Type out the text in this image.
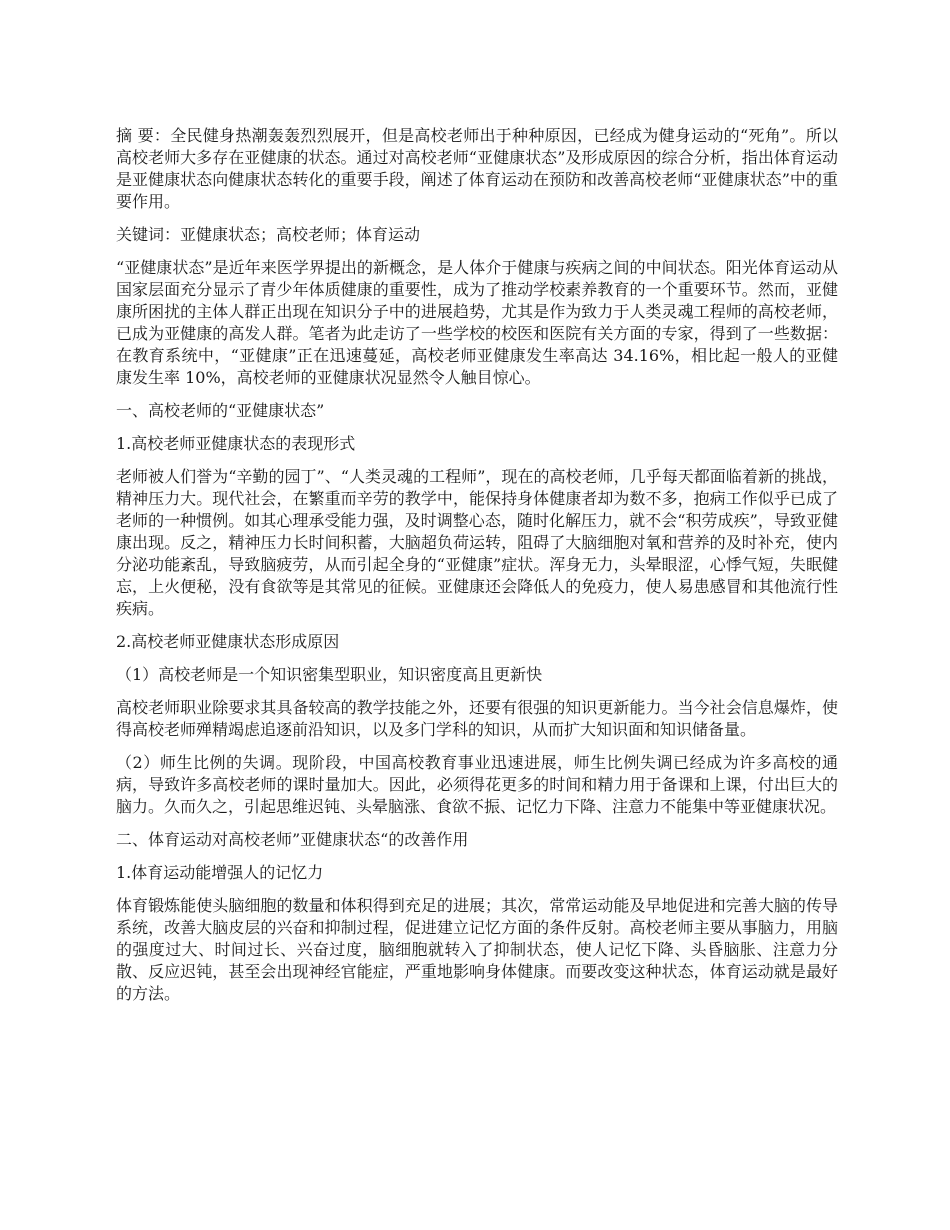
摘 要：全民健身热潮轰轰烈烈展开，但是高校老师出于种种原因，已经成为健身运动的“死角”。所以高校老师大多存在亚健康的状态。通过对高校老师“亚健康状态”及形成原因的综合分析，指出体育运动是亚健康状态向健康状态转化的重要手段，阐述了体育运动在预防和改善高校老师“亚健康状态”中的重要作用。

关键词：亚健康状态；高校老师；体育运动

“亚健康状态”是近年来医学界提出的新概念，是人体介于健康与疾病之间的中间状态。阳光体育运动从国家层面充分显示了青少年体质健康的重要性，成为了推动学校素养教育的一个重要环节。然而，亚健康所困扰的主体人群正出现在知识分子中的进展趋势，尤其是作为致力于人类灵魂工程师的高校老师，已成为亚健康的高发人群。笔者为此走访了一些学校的校医和医院有关方面的专家，得到了一些数据：在教育系统中，“亚健康”正在迅速蔓延，高校老师亚健康发生率高达 34.16%，相比起一般人的亚健康发生率 10%，高校老师的亚健康状况显然令人触目惊心。

一、高校老师的“亚健康状态”

1.高校老师亚健康状态的表现形式

老师被人们誉为“辛勤的园丁”、“人类灵魂的工程师”，现在的高校老师，几乎每天都面临着新的挑战，精神压力大。现代社会，在繁重而辛劳的教学中，能保持身体健康者却为数不多，抱病工作似乎已成了老师的一种惯例。如其心理承受能力强，及时调整心态，随时化解压力，就不会“积劳成疾”，导致亚健康出现。反之，精神压力长时间积蓄，大脑超负荷运转，阻碍了大脑细胞对氧和营养的及时补充，使内分泌功能紊乱，导致脑疲劳，从而引起全身的“亚健康”症状。浑身无力，头晕眼涩，心悸气短，失眠健忘，上火便秘，没有食欲等是其常见的征候。亚健康还会降低人的免疫力，使人易患感冒和其他流行性疾病。

2.高校老师亚健康状态形成原因

（1）高校老师是一个知识密集型职业，知识密度高且更新快

高校老师职业除要求其具备较高的教学技能之外，还要有很强的知识更新能力。当今社会信息爆炸，使得高校老师殚精竭虑追逐前沿知识，以及多门学科的知识，从而扩大知识面和知识储备量。

（2）师生比例的失调。现阶段，中国高校教育事业迅速进展，师生比例失调已经成为许多高校的通病，导致许多高校老师的课时量加大。因此，必须得花更多的时间和精力用于备课和上课，付出巨大的脑力。久而久之，引起思维迟钝、头晕脑涨、食欲不振、记忆力下降、注意力不能集中等亚健康状况。

二、体育运动对高校老师”亚健康状态“的改善作用

1.体育运动能增强人的记忆力

体育锻炼能使头脑细胞的数量和体积得到充足的进展；其次，常常运动能及早地促进和完善大脑的传导系统，改善大脑皮层的兴奋和抑制过程，促进建立记忆方面的条件反射。高校老师主要从事脑力，用脑的强度过大、时间过长、兴奋过度，脑细胞就转入了抑制状态，使人记忆下降、头昏脑胀、注意力分散、反应迟钝，甚至会出现神经官能症，严重地影响身体健康。而要改变这种状态，体育运动就是最好的方法。
